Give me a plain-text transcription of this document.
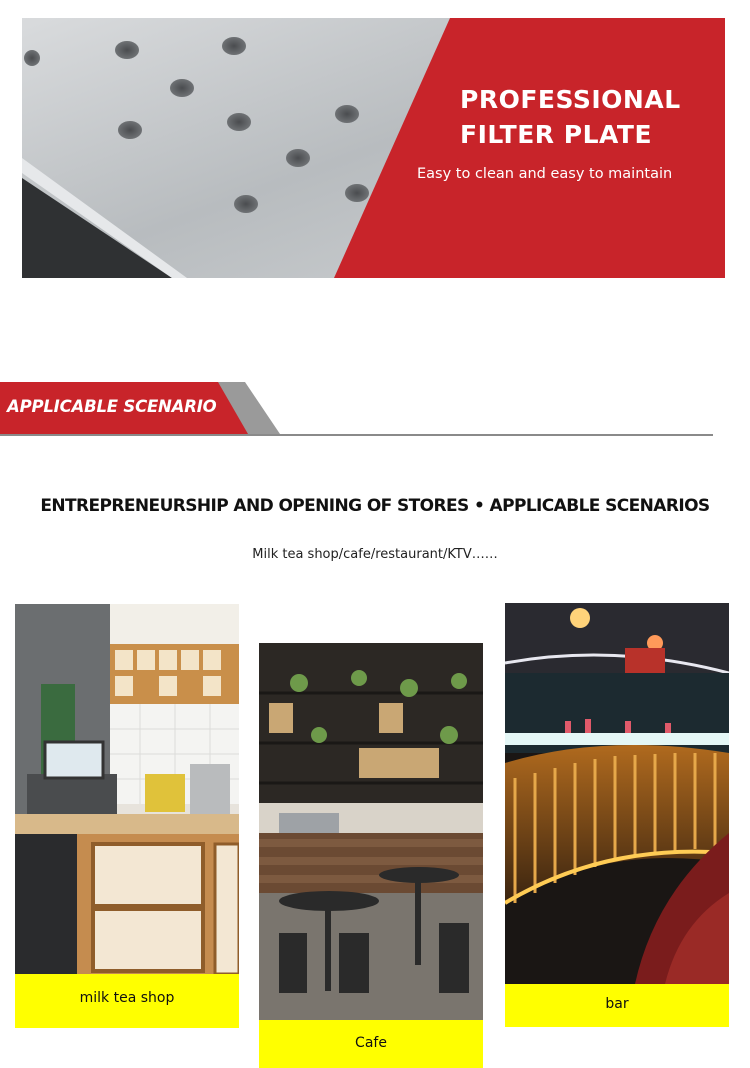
PROFESSIONAL
FILTER PLATE
Easy to clean and easy to maintain
APPLICABLE SCENARIO
ENTREPRENEURSHIP AND OPENING OF STORES • APPLICABLE SCENARIOS
Milk tea shop/cafe/restaurant/KTV……
milk tea shop
Cafe
bar
